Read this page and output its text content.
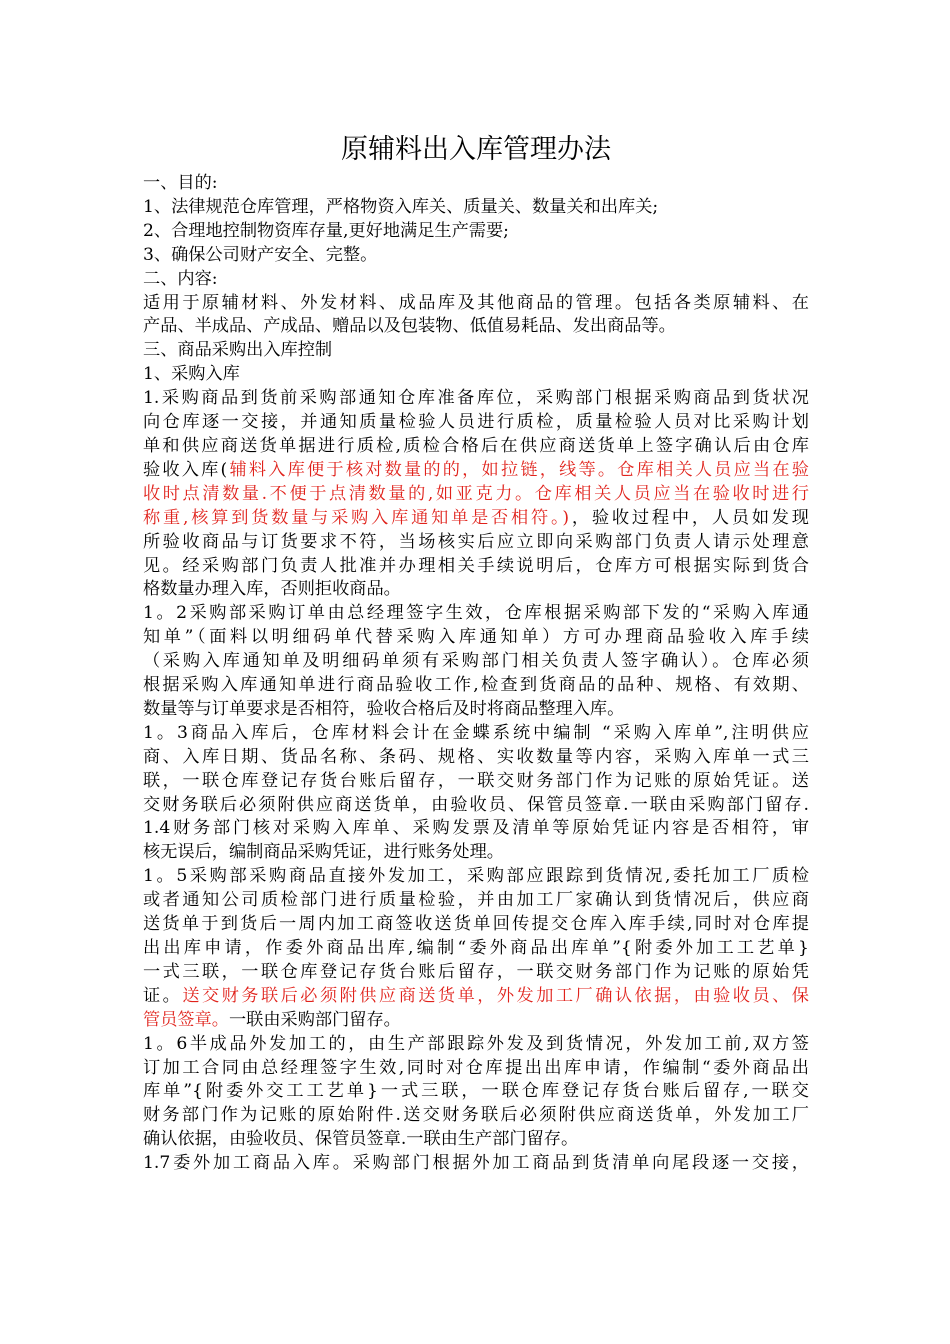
原辅料出入库管理办法

一、目的:

1、法律规范仓库管理，严格物资入库关、质量关、数量关和出库关;

2、合理地控制物资库存量,更好地满足生产需要;

3、确保公司财产安全、完整。

二、内容:

适用于原辅材料、外发材料、成品库及其他商品的管理。包括各类原辅料、在

产品、半成品、产成品、赠品以及包装物、低值易耗品、发出商品等。

三、商品采购出入库控制

1、采购入库

1.采购商品到货前采购部通知仓库准备库位，采购部门根据采购商品到货状况

向仓库逐一交接，并通知质量检验人员进行质检，质量检验人员对比采购计划

单和供应商送货单据进行质检,质检合格后在供应商送货单上签字确认后由仓库

验收入库(辅料入库便于核对数量的的，如拉链，线等。仓库相关人员应当在验

收时点清数量.不便于点清数量的,如亚克力。仓库相关人员应当在验收时进行

称重,核算到货数量与采购入库通知单是否相符。)，验收过程中，人员如发现

所验收商品与订货要求不符，当场核实后应立即向采购部门负责人请示处理意

见。经采购部门负责人批准并办理相关手续说明后，仓库方可根据实际到货合

格数量办理入库，否则拒收商品。

1。2采购部采购订单由总经理签字生效，仓库根据采购部下发的“采购入库通

知单”（面料以明细码单代替采购入库通知单）方可办理商品验收入库手续

（采购入库通知单及明细码单须有采购部门相关负责人签字确认）。仓库必须

根据采购入库通知单进行商品验收工作,检查到货商品的品种、规格、有效期、

数量等与订单要求是否相符，验收合格后及时将商品整理入库。

1。3商品入库后，仓库材料会计在金蝶系统中编制 “采购入库单”,注明供应

商、入库日期、货品名称、条码、规格、实收数量等内容，采购入库单一式三

联，一联仓库登记存货台账后留存，一联交财务部门作为记账的原始凭证。送

交财务联后必须附供应商送货单，由验收员、保管员签章.一联由采购部门留存.

1.4财务部门核对采购入库单、采购发票及清单等原始凭证内容是否相符，审

核无误后，编制商品采购凭证，进行账务处理。

1。5采购部采购商品直接外发加工，采购部应跟踪到货情况,委托加工厂质检

或者通知公司质检部门进行质量检验，并由加工厂家确认到货情况后，供应商

送货单于到货后一周内加工商签收送货单回传提交仓库入库手续,同时对仓库提

出出库申请，作委外商品出库,编制“委外商品出库单”{附委外加工工艺单}

一式三联，一联仓库登记存货台账后留存，一联交财务部门作为记账的原始凭

证。送交财务联后必须附供应商送货单，外发加工厂确认依据，由验收员、保

管员签章。一联由采购部门留存。

1。6半成品外发加工的，由生产部跟踪外发及到货情况，外发加工前,双方签

订加工合同由总经理签字生效,同时对仓库提出出库申请，作编制“委外商品出

库单”{附委外交工工艺单}一式三联，一联仓库登记存货台账后留存,一联交

财务部门作为记账的原始附件.送交财务联后必须附供应商送货单，外发加工厂

确认依据，由验收员、保管员签章.一联由生产部门留存。

1.7委外加工商品入库。采购部门根据外加工商品到货清单向尾段逐一交接，
